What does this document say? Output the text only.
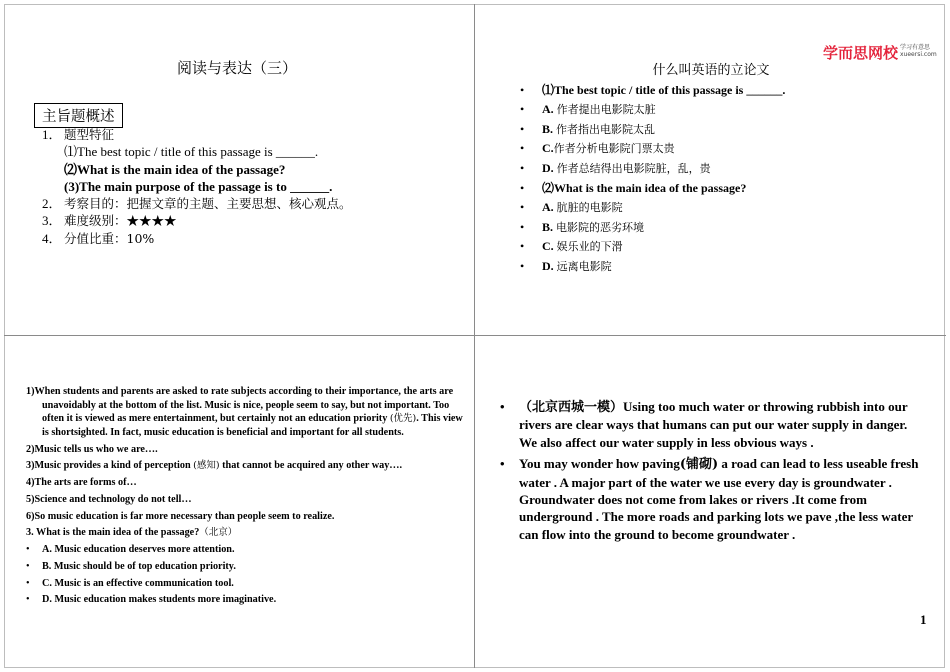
阅读与表达（三）
主旨题概述
1． 题型特征
⑴The best topic / title of this passage is ______.
⑵What is the main idea of the passage?
(3)The main purpose of the passage is to ______.
2． 考察目的：把握文章的主题、主要思想、核心观点。
3． 难度级别：★★★★
4． 分值比重：10%
学而思网校 学习有意思
xueersi.com
什么叫英语的立论文
• ⑴The best topic / title of this passage is ______.
• A. 作者提出电影院太脏
• B. 作者指出电影院太乱
• C.作者分析电影院门票太贵
• D. 作者总结得出电影院脏，乱，贵
• ⑵What is the main idea of the passage?
• A. 肮脏的电影院
• B. 电影院的恶劣环境
• C. 娱乐业的下滑
• D. 远离电影院

1)When students and parents are asked to rate subjects according to their importance, the arts are unavoidably at the bottom of the list. Music is nice, people seem to say, but not important. Too often it is viewed as mere entertainment, but certainly not an education priority (优先). This view is shortsighted. In fact, music education is beneficial and important for all students.

2)Music tells us who we are….

3)Music provides a kind of perception (感知) that cannot be acquired any other way….

4)The arts are forms of…

5)Science and technology do not tell…

6)So music education is far more necessary than people seem to realize.

3. What is the main idea of the passage?（北京）

• A. Music education deserves more attention.
• B. Music should be of top education priority.
• C. Music is an effective communication tool.
• D. Music education makes students more imaginative.
• （北京西城一模）Using too much water or throwing rubbish into our rivers are clear ways that humans can put our water supply in danger. We also affect our water supply in less obvious ways .
• You may wonder how paving(铺砌) a road can lead to less useable fresh water . A major part of the water we use every day is groundwater . Groundwater does not come from lakes or rivers .It come from underground . The more roads and parking lots we pave ,the less water can flow into the ground to become groundwater .
1
